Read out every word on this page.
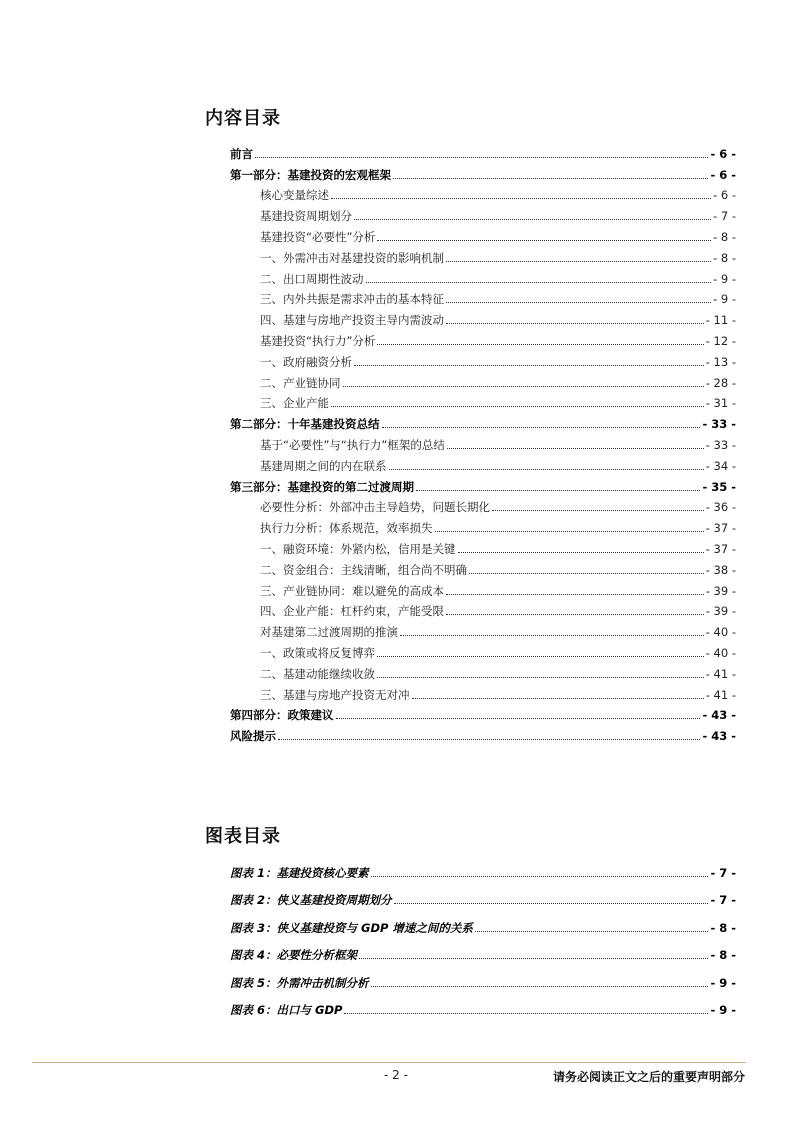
内容目录
前言	- 6 -
第一部分：基建投资的宏观框架	- 6 -
核心变量综述	- 6 -
基建投资周期划分	- 7 -
基建投资“必要性”分析	- 8 -
一、外需冲击对基建投资的影响机制	- 8 -
二、出口周期性波动	- 9 -
三、内外共振是需求冲击的基本特征	- 9 -
四、基建与房地产投资主导内需波动	- 11 -
基建投资“执行力”分析	- 12 -
一、政府融资分析	- 13 -
二、产业链协同	- 28 -
三、企业产能	- 31 -
第二部分：十年基建投资总结	- 33 -
基于“必要性”与“执行力”框架的总结	- 33 -
基建周期之间的内在联系	- 34 -
第三部分：基建投资的第二过渡周期	- 35 -
必要性分析：外部冲击主导趋势，问题长期化	- 36 -
执行力分析：体系规范，效率损失	- 37 -
一、融资环境：外紧内松，信用是关键	- 37 -
二、资金组合：主线清晰，组合尚不明确	- 38 -
三、产业链协同：难以避免的高成本	- 39 -
四、企业产能：杠杆约束，产能受限	- 39 -
对基建第二过渡周期的推演	- 40 -
一、政策或将反复博弈	- 40 -
二、基建动能继续收敛	- 41 -
三、基建与房地产投资无对冲	- 41 -
第四部分：政策建议	- 43 -
风险提示	- 43 -
图表目录
图表 1：基建投资核心要素	- 7 -
图表 2：侠义基建投资周期划分	- 7 -
图表 3：侠义基建投资与 GDP 增速之间的关系	- 8 -
图表 4：必要性分析框架	- 8 -
图表 5：外需冲击机制分析	- 9 -
图表 6：出口与 GDP	- 9 -
- 2 -	请务必阅读正文之后的重要声明部分
